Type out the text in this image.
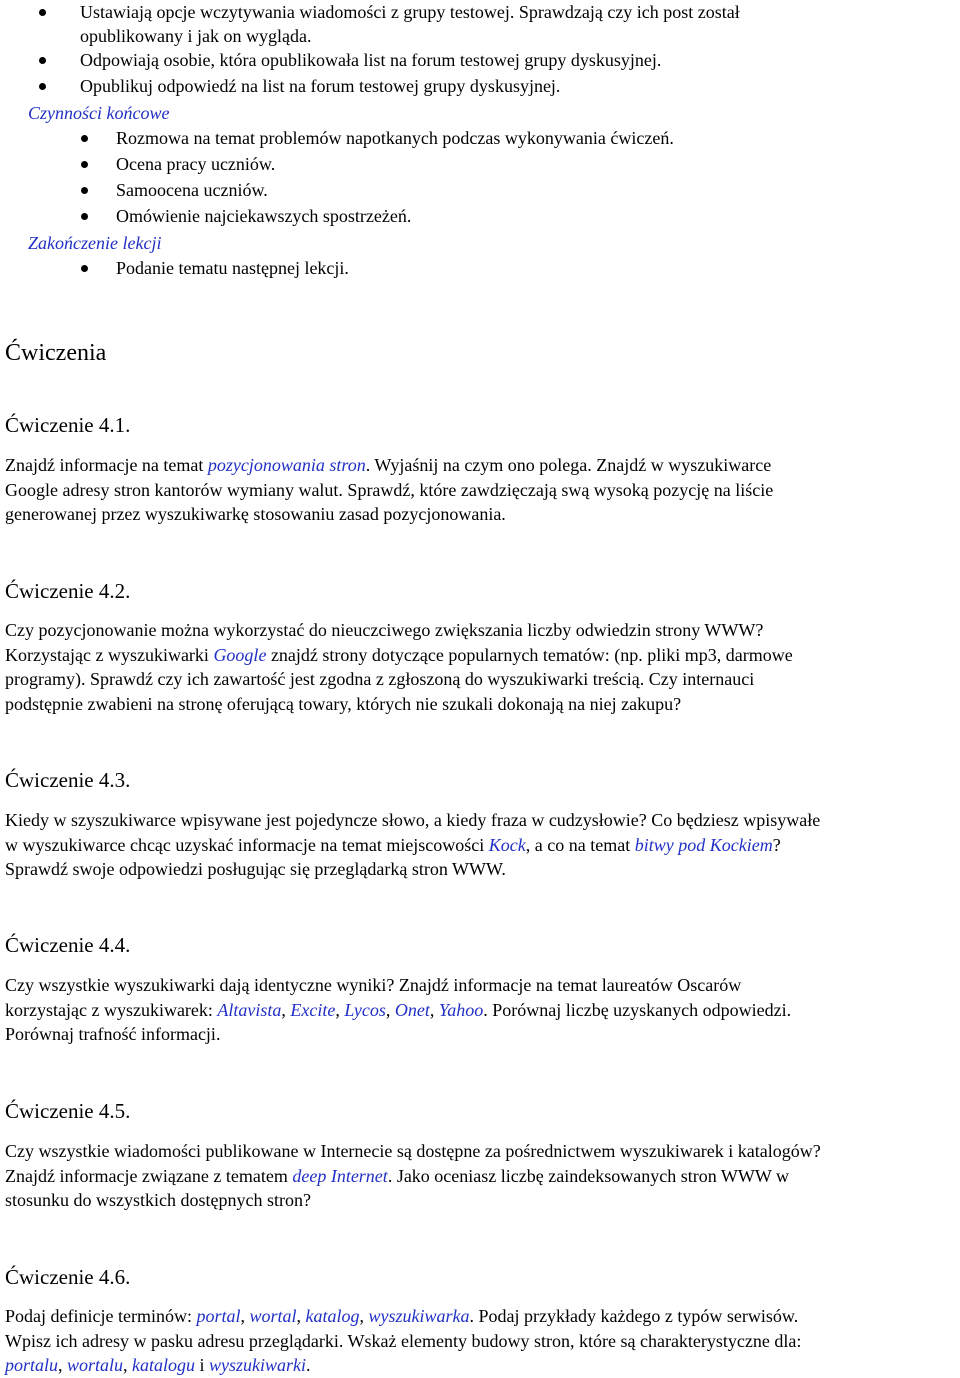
Ustawiają opcje wczytywania wiadomości z grupy testowej. Sprawdzają czy ich post został
opublikowany i jak on wygląda.
Odpowiają osobie, która opublikowała list na forum testowej grupy dyskusyjnej.
Opublikuj odpowiedź na list na forum testowej grupy dyskusyjnej.
Czynności końcowe
Rozmowa na temat problemów napotkanych podczas wykonywania ćwiczeń.
Ocena pracy uczniów.
Samoocena uczniów.
Omówienie najciekawszych spostrzeżeń.
Zakończenie lekcji
Podanie tematu następnej lekcji.
Ćwiczenia
Ćwiczenie 4.1.
Znajdź informacje na temat pozycjonowania stron. Wyjaśnij na czym ono polega. Znajdź w wyszukiwarce
Google adresy stron kantorów wymiany walut. Sprawdź, które zawdzięczają swą wysoką pozycję na liście
generowanej przez wyszukiwarkę stosowaniu zasad pozycjonowania.
Ćwiczenie 4.2.
Czy pozycjonowanie można wykorzystać do nieuczciwego zwiększania liczby odwiedzin strony WWW?
Korzystając z wyszukiwarki Google znajdź strony dotyczące popularnych tematów: (np. pliki mp3, darmowe
programy). Sprawdź czy ich zawartość jest zgodna z zgłoszoną do wyszukiwarki treścią. Czy internauci
podstępnie zwabieni na stronę oferującą towary, których nie szukali dokonają na niej zakupu?
Ćwiczenie 4.3.
Kiedy w szyszukiwarce wpisywane jest pojedyncze słowo, a kiedy fraza w cudzysłowie? Co będziesz wpisywałe
w wyszukiwarce chcąc uzyskać informacje na temat miejscowości Kock, a co na temat bitwy pod Kockiem?
Sprawdź swoje odpowiedzi posługując się przeglądarką stron WWW.
Ćwiczenie 4.4.
Czy wszystkie wyszukiwarki dają identyczne wyniki? Znajdź informacje na temat laureatów Oscarów
korzystając z wyszukiwarek: Altavista, Excite, Lycos, Onet, Yahoo. Porównaj liczbę uzyskanych odpowiedzi.
Porównaj trafność informacji.
Ćwiczenie 4.5.
Czy wszystkie wiadomości publikowane w Internecie są dostępne za pośrednictwem wyszukiwarek i katalogów?
Znajdź informacje związane z tematem deep Internet. Jako oceniasz liczbę zaindeksowanych stron WWW w
stosunku do wszystkich dostępnych stron?
Ćwiczenie 4.6.
Podaj definicje terminów: portal, wortal, katalog, wyszukiwarka. Podaj przykłady każdego z typów serwisów.
Wpisz ich adresy w pasku adresu przeglądarki. Wskaż elementy budowy stron, które są charakterystyczne dla:
portalu, wortalu, katalogu i wyszukiwarki.
